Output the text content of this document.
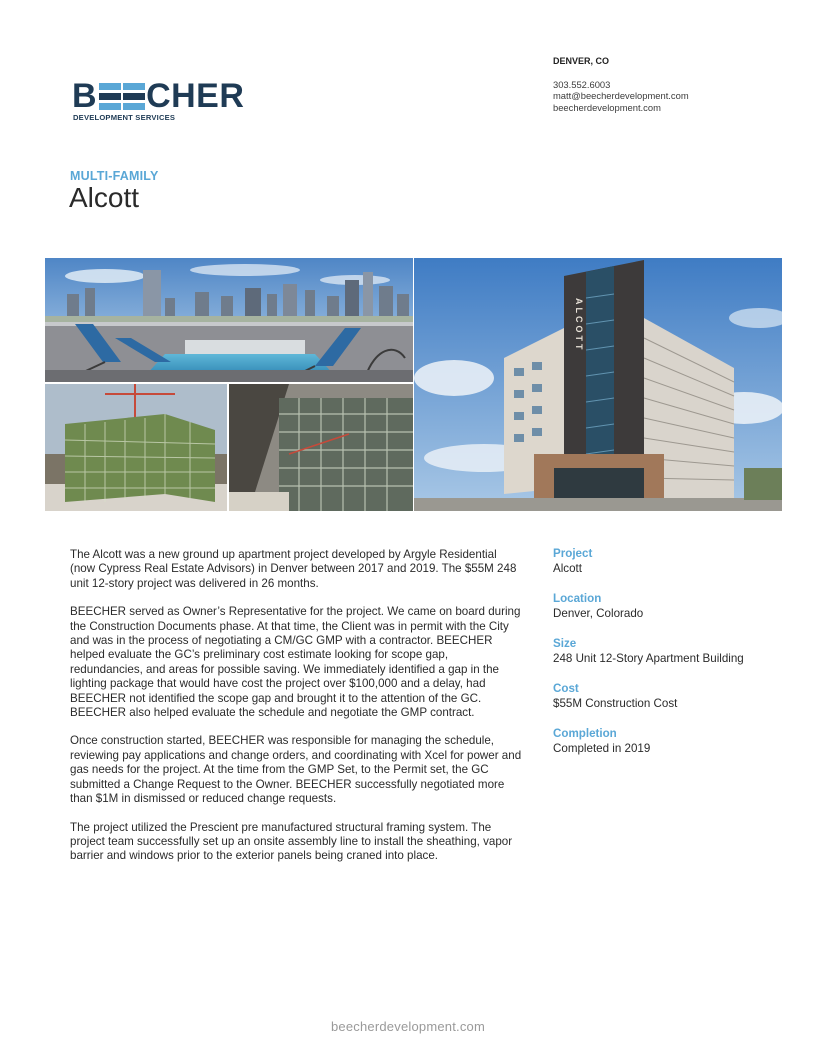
B CHER
DEVELOPMENT SERVICES
DENVER, CO
303.552.6003
matt@beecherdevelopment.com
beecherdevelopment.com
MULTI-FAMILY
Alcott
ALCOTT

The Alcott was a new ground up apartment project developed by Argyle Residential (now Cypress Real Estate Advisors) in Denver between 2017 and 2019. The $55M 248 unit 12-story project was delivered in 26 months.

BEECHER served as Owner’s Representative for the project. We came on board during the Construction Documents phase. At that time, the Client was in permit with the City and was in the process of negotiating a CM/GC GMP with a contractor. BEECHER helped evaluate the GC’s preliminary cost estimate looking for scope gap, redundancies, and areas for possible saving. We immediately identified a gap in the lighting package that would have cost the project over $100,000 and a delay, had BEECHER not identified the scope gap and brought it to the attention of the GC. BEECHER also helped evaluate the schedule and negotiate the GMP contract.

Once construction started, BEECHER was responsible for managing the schedule, reviewing pay applications and change orders, and coordinating with Xcel for power and gas needs for the project. At the time from the GMP Set, to the Permit set, the GC submitted a Change Request to the Owner. BEECHER successfully negotiated more than $1M in dismissed or reduced change requests.

The project utilized the Prescient pre manufactured structural framing system. The project team successfully set up an onsite assembly line to install the sheathing, vapor barrier and windows prior to the exterior panels being craned into place.

Project
Alcott
Location
Denver, Colorado
Size
248 Unit 12-Story Apartment Building
Cost
$55M Construction Cost
Completion
Completed in 2019
beecherdevelopment.com
